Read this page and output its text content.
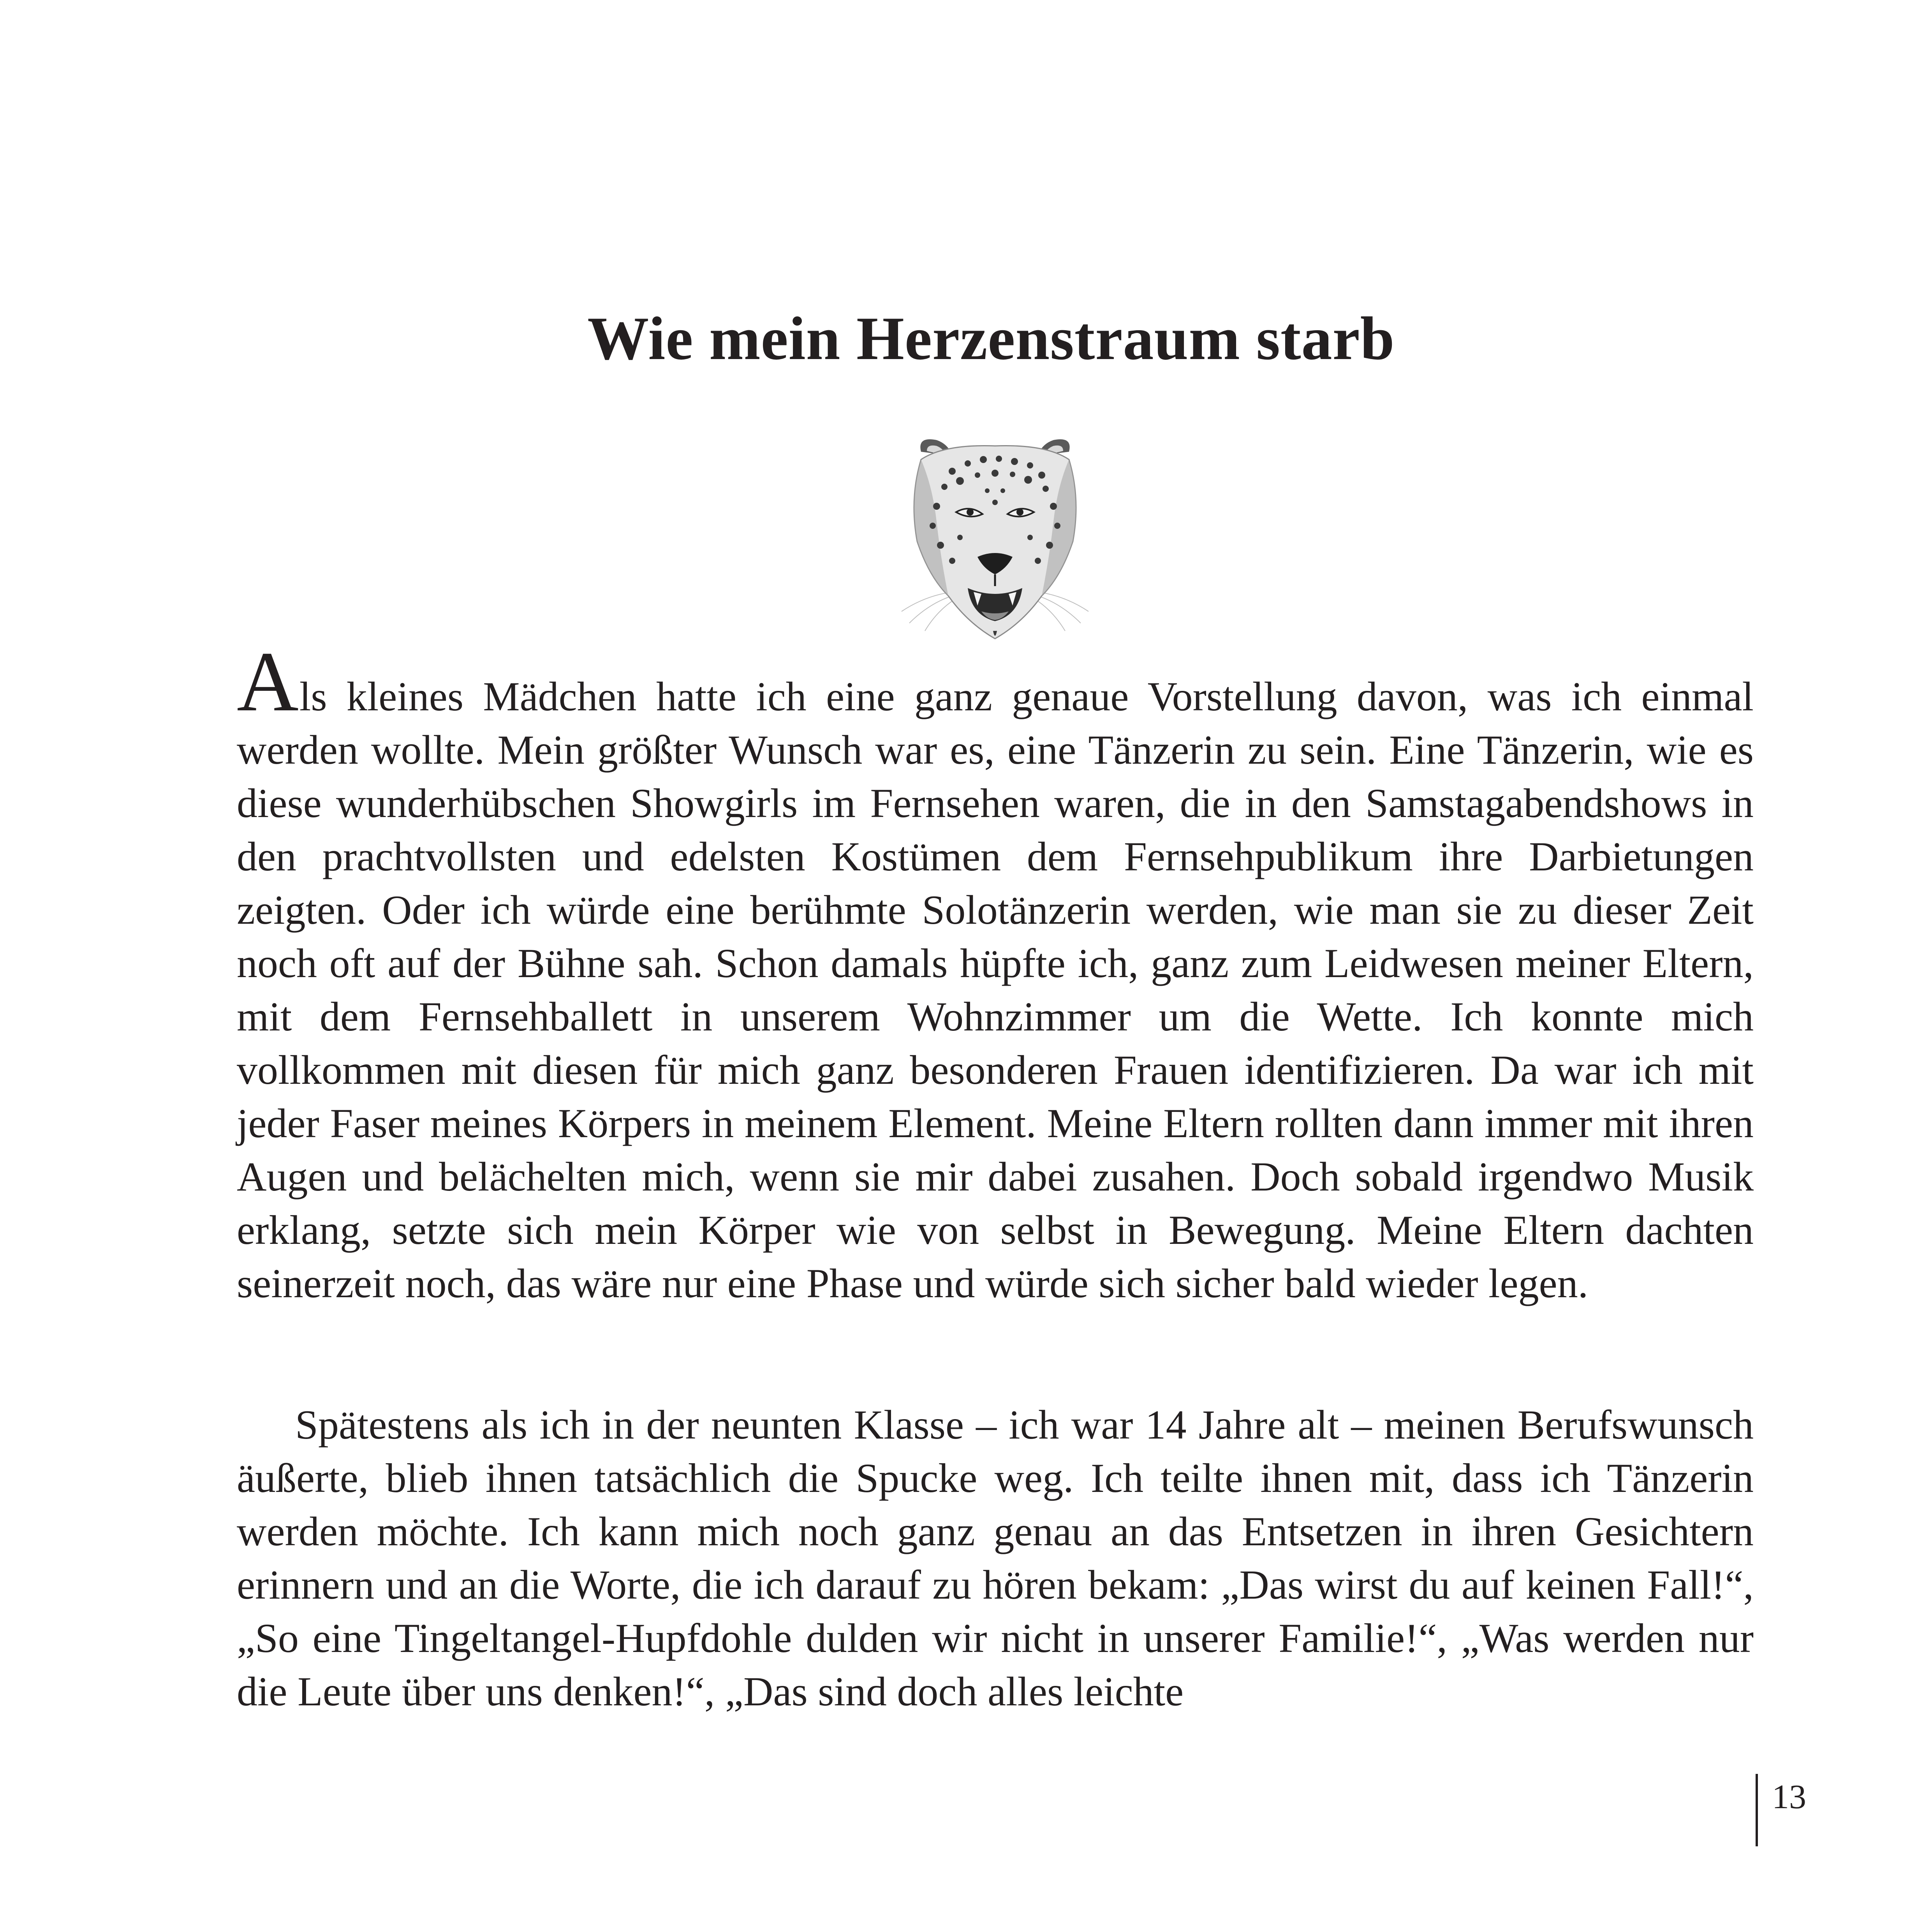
Wie mein Herzenstraum starb

Als kleines Mädchen hatte ich eine ganz genaue Vorstellung davon, was ich einmal werden wollte. Mein größter Wunsch war es, eine Tänzerin zu sein. Eine Tänzerin, wie es diese wunderhübschen Showgirls im Fernsehen waren, die in den Samstagabendshows in den prachtvollsten und edelsten Kostümen dem Fernsehpublikum ihre Darbietungen zeigten. Oder ich würde eine berühmte Solotänzerin werden, wie man sie zu dieser Zeit noch oft auf der Bühne sah. Schon damals hüpfte ich, ganz zum Leidwesen meiner Eltern, mit dem Fernsehballett in unserem Wohnzimmer um die Wette. Ich konnte mich vollkommen mit diesen für mich ganz besonderen Frauen identifizieren. Da war ich mit jeder Faser meines Körpers in meinem Element. Meine Eltern rollten dann immer mit ihren Augen und belächelten mich, wenn sie mir dabei zusahen. Doch sobald irgendwo Musik erklang, setzte sich mein Körper wie von selbst in Bewegung. Meine Eltern dachten seinerzeit noch, das wäre nur eine Phase und würde sich sicher bald wieder legen.

Spätestens als ich in der neunten Klasse – ich war 14 Jahre alt – meinen Berufswunsch äußerte, blieb ihnen tatsächlich die Spucke weg. Ich teilte ihnen mit, dass ich Tänzerin werden möchte. Ich kann mich noch ganz genau an das Entsetzen in ihren Gesichtern erinnern und an die Worte, die ich darauf zu hören bekam: „Das wirst du auf keinen Fall!“, „So eine Tingeltangel-Hupfdohle dulden wir nicht in unserer Familie!“, „Was werden nur die Leute über uns denken!“, „Das sind doch alles leichte

13
